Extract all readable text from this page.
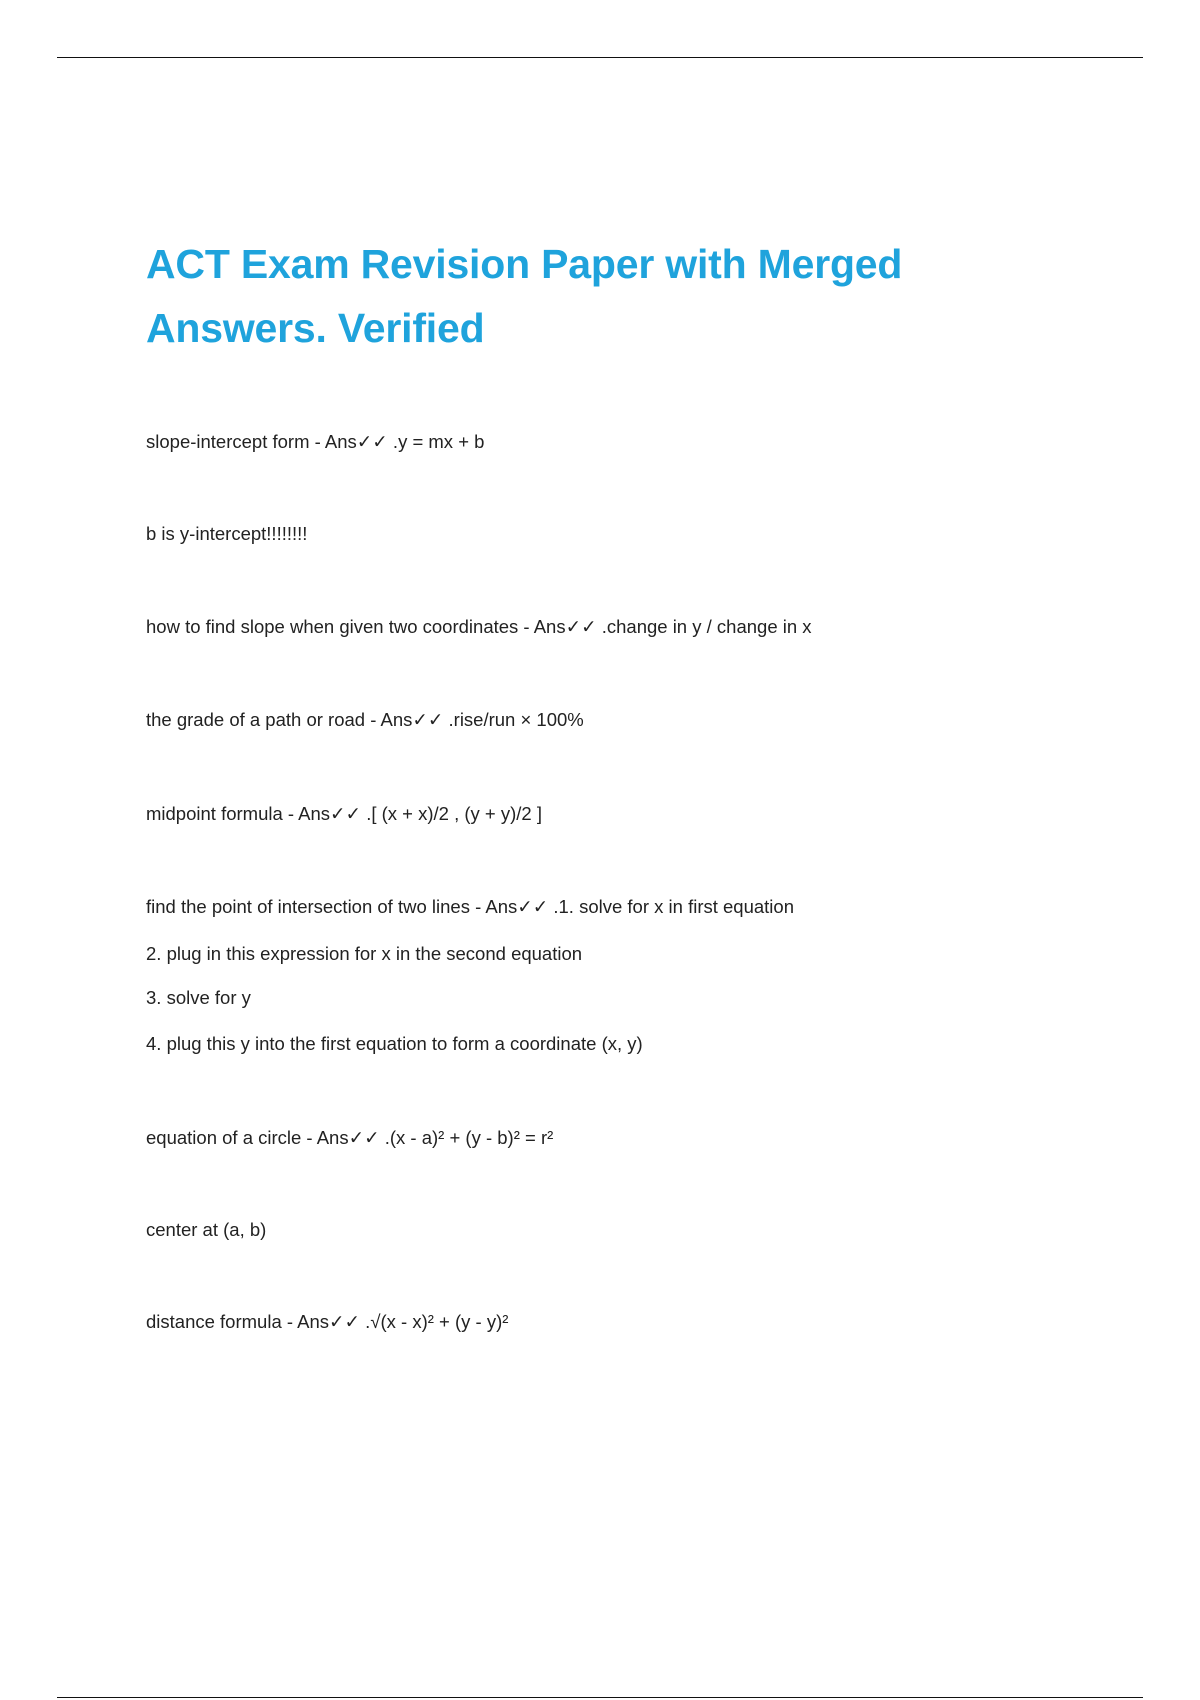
ACT Exam Revision Paper with Merged Answers. Verified

slope-intercept form - Ans✓✓ .y = mx + b

b is y-intercept!!!!!!!!

how to find slope when given two coordinates - Ans✓✓ .change in y / change in x

the grade of a path or road - Ans✓✓ .rise/run × 100%

midpoint formula - Ans✓✓ .[ (x + x)/2 , (y + y)/2 ]

find the point of intersection of two lines - Ans✓✓ .1. solve for x in first equation

2. plug in this expression for x in the second equation

3. solve for y

4. plug this y into the first equation to form a coordinate (x, y)

equation of a circle - Ans✓✓ .(x - a)² + (y - b)² = r²

center at (a, b)

distance formula - Ans✓✓ .√(x - x)² + (y - y)²
